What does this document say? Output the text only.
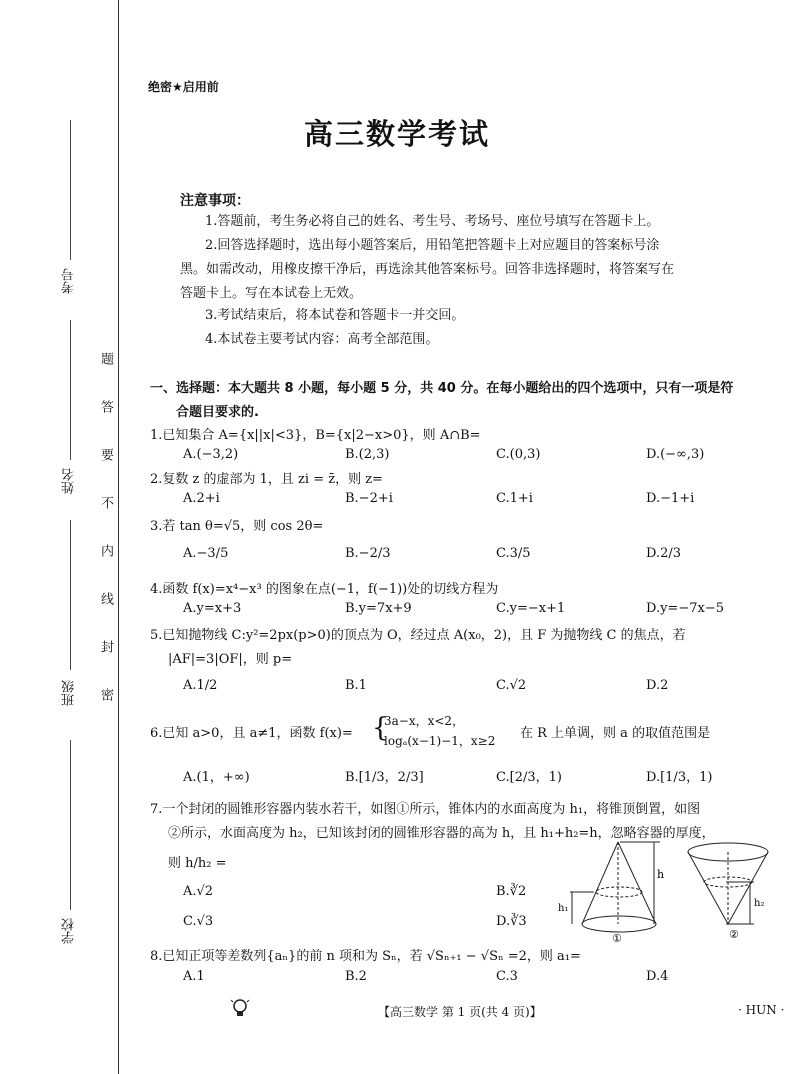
考号
姓名
班级
学校
题
答
要
不
内
线
封
密
绝密★启用前
高三数学考试
注意事项：
1.答题前，考生务必将自己的姓名、考生号、考场号、座位号填写在答题卡上。
2.回答选择题时，选出每小题答案后，用铅笔把答题卡上对应题目的答案标号涂
黑。如需改动，用橡皮擦干净后，再选涂其他答案标号。回答非选择题时，将答案写在
答题卡上。写在本试卷上无效。
3.考试结束后，将本试卷和答题卡一并交回。
4.本试卷主要考试内容：高考全部范围。
一、选择题：本大题共 8 小题，每小题 5 分，共 40 分。在每小题给出的四个选项中，只有一项是符
合题目要求的.
1.已知集合 A={x||x|<3}，B={x|2−x>0}，则 A∩B=
A.(−3,2)	B.(2,3)	C.(0,3)	D.(−∞,3)
2.复数 z 的虚部为 1，且 zi = z̄，则 z=
A.2+i	B.−2+i	C.1+i	D.−1+i
3.若 tan θ=√5，则 cos 2θ=
A.−3/5	B.−2/3	C.3/5	D.2/3
4.函数 f(x)=x⁴−x³ 的图象在点(−1，f(−1))处的切线方程为
A.y=x+3	B.y=7x+9	C.y=−x+1	D.y=−7x−5
5.已知抛物线 C:y²=2px(p>0)的顶点为 O，经过点 A(x₀，2)，且 F 为抛物线 C 的焦点，若
|AF|=3|OF|，则 p=
A.1/2	B.1	C.√2	D.2
6.已知 a>0，且 a≠1，函数 f(x)= {
3a−x，x<2，
logₐ(x−1)−1，x≥2 在 R 上单调，则 a 的取值范围是
A.(1，+∞)	B.[1/3，2/3]	C.[2/3，1)	D.[1/3，1)
7.一个封闭的圆锥形容器内装水若干，如图①所示，锥体内的水面高度为 h₁，将锥顶倒置，如图
②所示，水面高度为 h₂，已知该封闭的圆锥形容器的高为 h，且 h₁+h₂=h，忽略容器的厚度，
则 h/h₂ =
A.√2	B.∛2
C.√3	D.∛3
h
h₁
①
h₂
②
8.已知正项等差数列{aₙ}的前 n 项和为 Sₙ，若 √Sₙ₊₁ − √Sₙ =2，则 a₁=
A.1	B.2	C.3	D.4
【高三数学 第 1 页(共 4 页)】	· HUN ·
